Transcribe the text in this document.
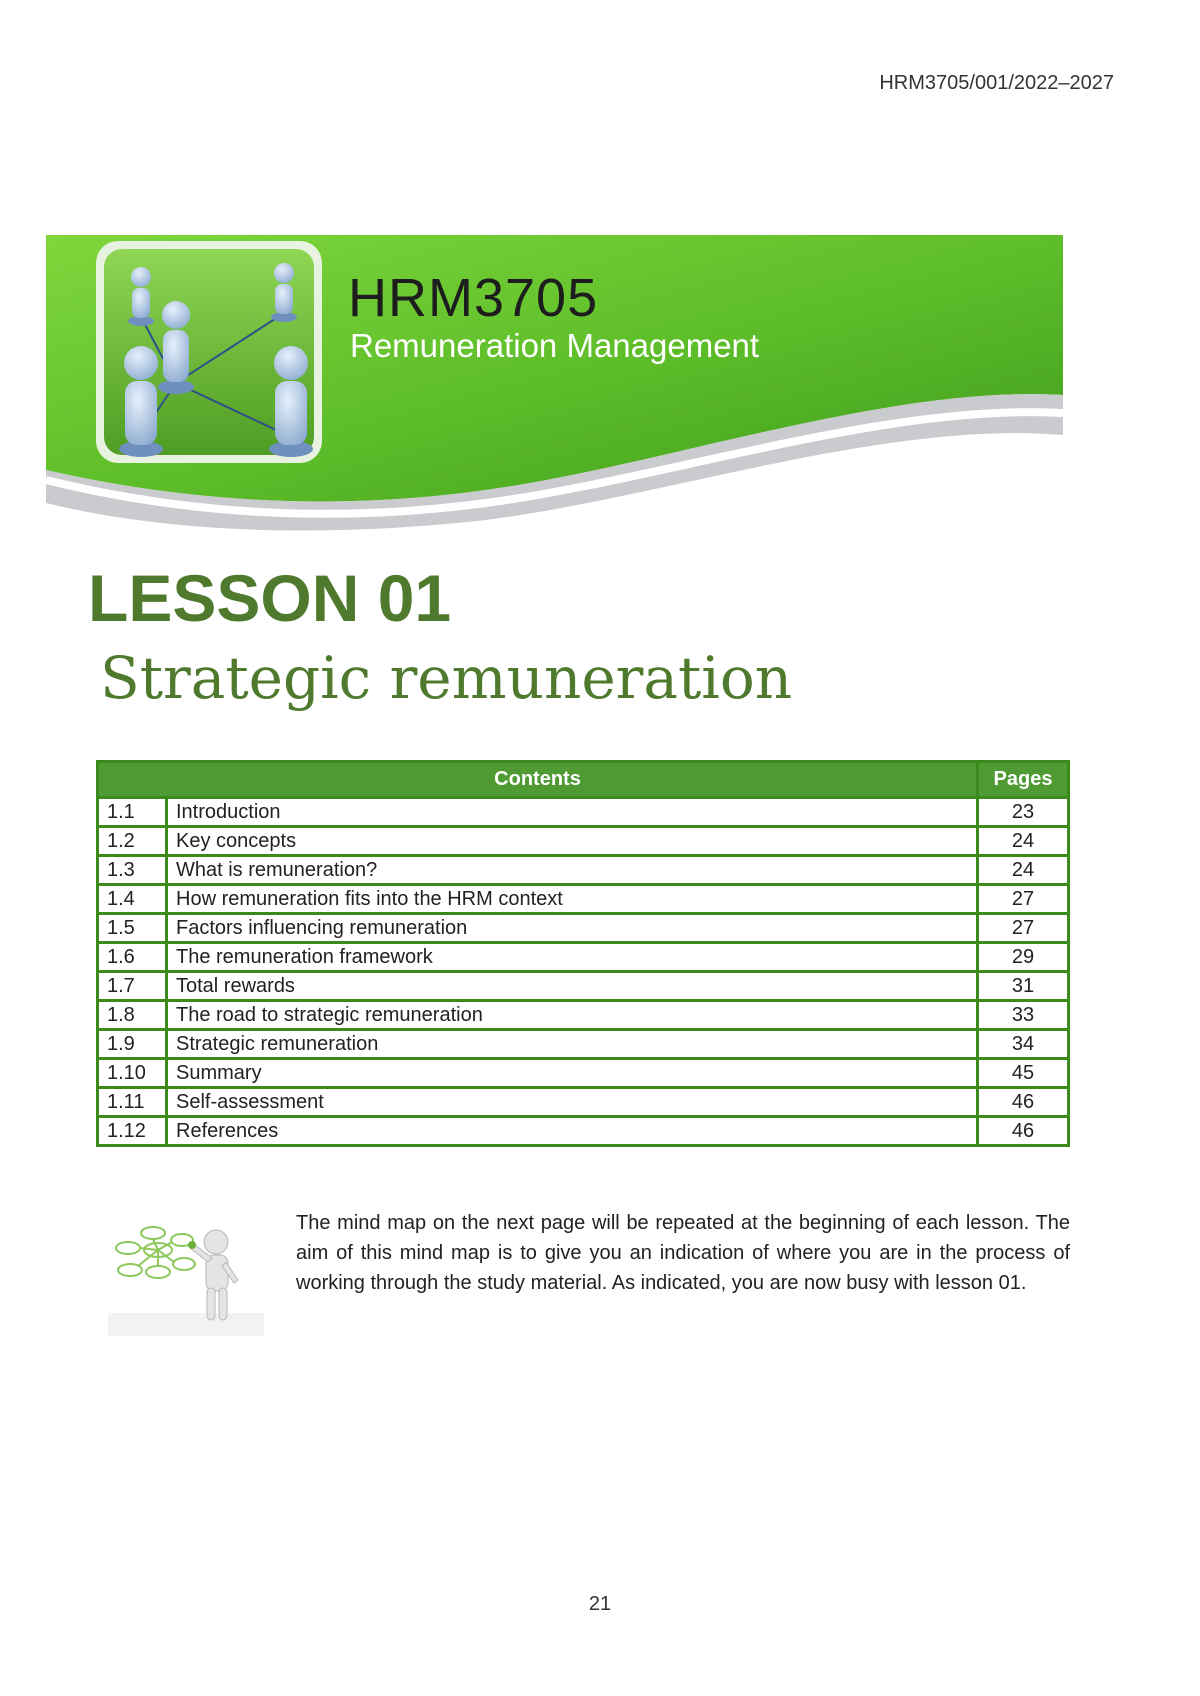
HRM3705/001/2022–2027
HRM3705
Remuneration Management
LESSON 01
Strategic remuneration
Contents		Pages
1.1	Introduction	23
1.2	Key concepts	24
1.3	What is remuneration?	24
1.4	How remuneration fits into the HRM context	27
1.5	Factors influencing remuneration	27
1.6	The remuneration framework	29
1.7	Total rewards	31
1.8	The road to strategic remuneration	33
1.9	Strategic remuneration	34
1.10	Summary	45
1.11	Self-assessment	46
1.12	References	46
The mind map on the next page will be repeated at the beginning of each lesson. The aim of this mind map is to give you an indication of where you are in the process of working through the study material. As indicated, you are now busy with lesson 01.
21
